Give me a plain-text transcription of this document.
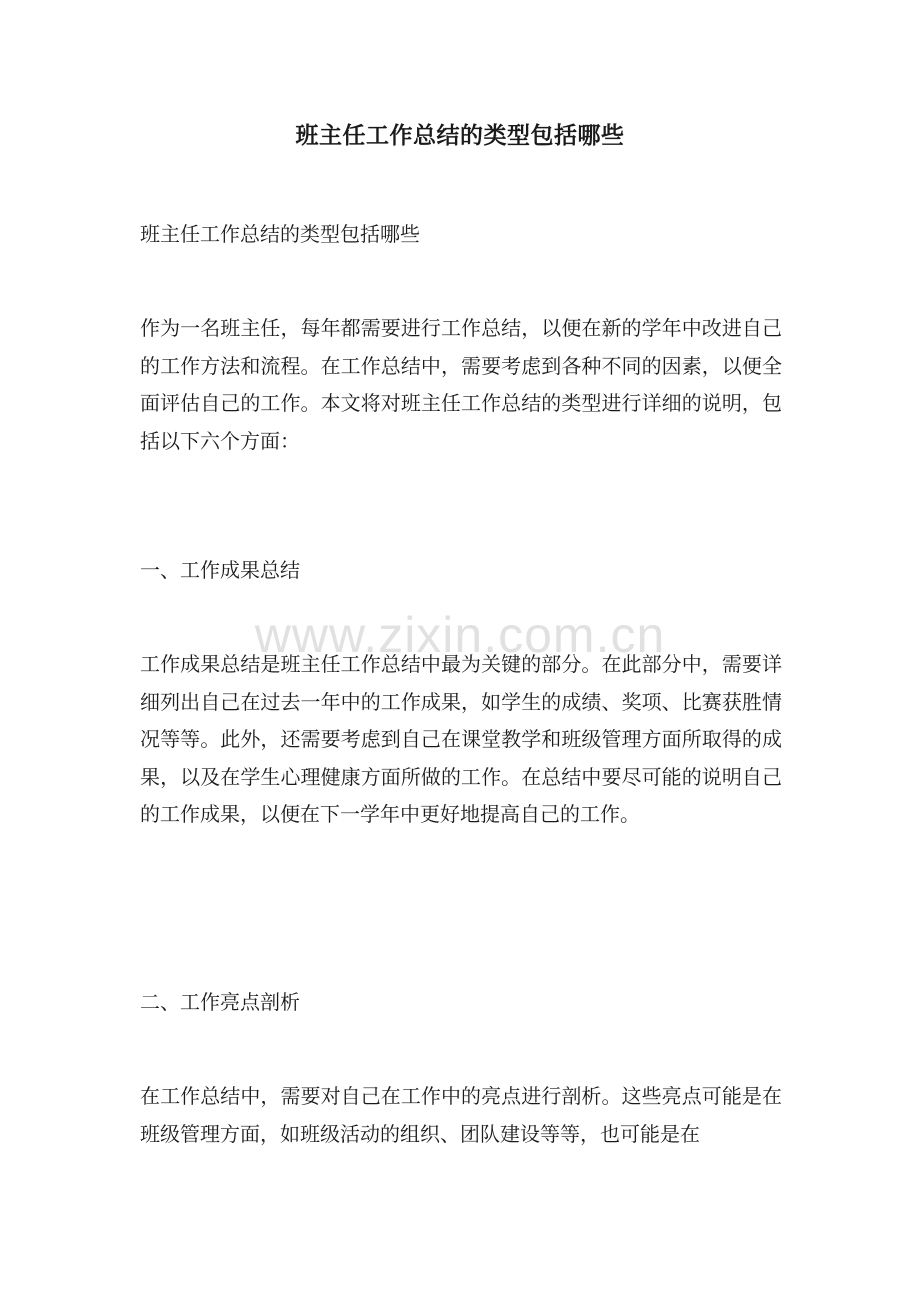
班主任工作总结的类型包括哪些

班主任工作总结的类型包括哪些

作为一名班主任，每年都需要进行工作总结，以便在新的学年中改进自己的工作方法和流程。在工作总结中，需要考虑到各种不同的因素，以便全面评估自己的工作。本文将对班主任工作总结的类型进行详细的说明，包括以下六个方面：

一、工作成果总结

工作成果总结是班主任工作总结中最为关键的部分。在此部分中，需要详细列出自己在过去一年中的工作成果，如学生的成绩、奖项、比赛获胜情况等等。此外，还需要考虑到自己在课堂教学和班级管理方面所取得的成果，以及在学生心理健康方面所做的工作。在总结中要尽可能的说明自己的工作成果，以便在下一学年中更好地提高自己的工作。

二、工作亮点剖析

在工作总结中，需要对自己在工作中的亮点进行剖析。这些亮点可能是在班级管理方面，如班级活动的组织、团队建设等等，也可能是在

www.zixin.com.cn
